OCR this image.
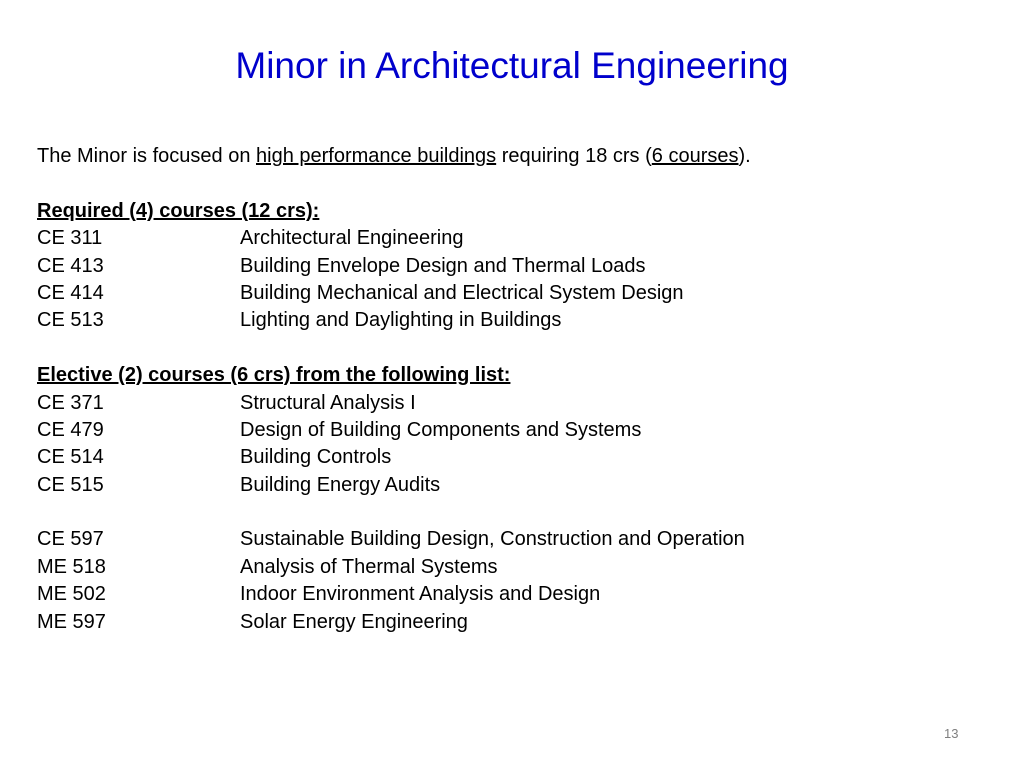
Minor in Architectural Engineering
The Minor is focused on high performance buildings requiring 18 crs (6 courses).
Required (4) courses (12 crs):
CE 311	Architectural Engineering
CE 413	Building Envelope Design and Thermal Loads
CE 414	Building Mechanical and Electrical System Design
CE 513	Lighting and Daylighting in Buildings
Elective (2) courses (6 crs) from the following list:
CE 371	Structural Analysis I
CE 479	Design of Building Components and Systems
CE 514	Building Controls
CE 515	Building Energy Audits
CE 597	Sustainable Building Design, Construction and Operation
ME 518	Analysis of Thermal Systems
ME 502	Indoor Environment Analysis and Design
ME 597	Solar Energy Engineering
13
